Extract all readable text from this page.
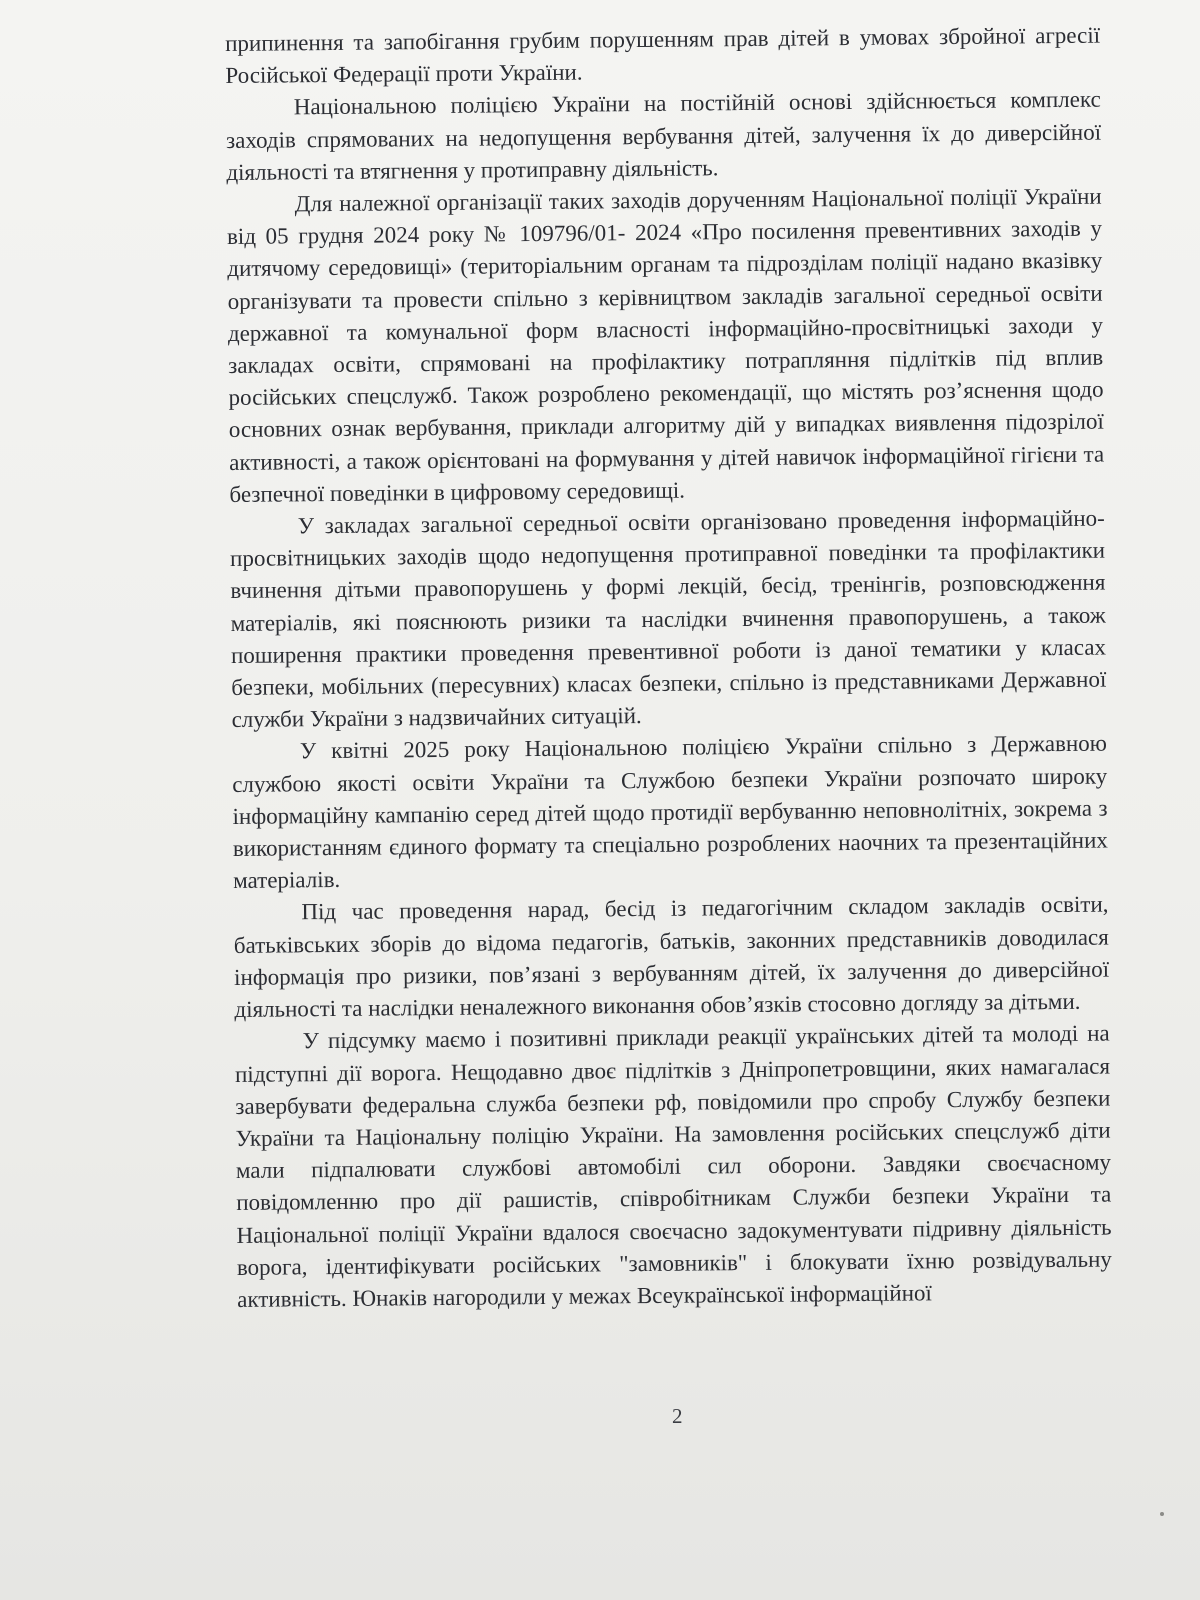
припинення та запобігання грубим порушенням прав дітей в умовах збройної агресії Російської Федерації проти України.

Національною поліцією України на постійній основі здійснюється комплекс заходів спрямованих на недопущення вербування дітей, залучення їх до диверсійної діяльності та втягнення у протиправну діяльність.

Для належної організації таких заходів дорученням Національної поліції України від 05 грудня 2024 року № 109796/01- 2024 «Про посилення превентивних заходів у дитячому середовищі» (територіальним органам та підрозділам поліції надано вказівку організувати та провести спільно з керівництвом закладів загальної середньої освіти державної та комунальної форм власності інформаційно-просвітницькі заходи у закладах освіти, спрямовані на профілактику потрапляння підлітків під вплив російських спецслужб. Також розроблено рекомендації, що містять роз’яснення щодо основних ознак вербування, приклади алгоритму дій у випадках виявлення підозрілої активності, а також орієнтовані на формування у дітей навичок інформаційної гігієни та безпечної поведінки в цифровому середовищі.

У закладах загальної середньої освіти організовано проведення інформаційно-просвітницьких заходів щодо недопущення протиправної поведінки та профілактики вчинення дітьми правопорушень у формі лекцій, бесід, тренінгів, розповсюдження матеріалів, які пояснюють ризики та наслідки вчинення правопорушень, а також поширення практики проведення превентивної роботи із даної тематики у класах безпеки, мобільних (пересувних) класах безпеки, спільно із представниками Державної служби України з надзвичайних ситуацій.

У квітні 2025 року Національною поліцією України спільно з Державною службою якості освіти України та Службою безпеки України розпочато широку інформаційну кампанію серед дітей щодо протидії вербуванню неповнолітніх, зокрема з використанням єдиного формату та спеціально розроблених наочних та презентаційних матеріалів.

Під час проведення нарад, бесід із педагогічним складом закладів освіти, батьківських зборів до відома педагогів, батьків, законних представників доводилася інформація про ризики, пов’язані з вербуванням дітей, їх залучення до диверсійної діяльності та наслідки неналежного виконання обов’язків стосовно догляду за дітьми.

У підсумку маємо і позитивні приклади реакції українських дітей та молоді на підступні дії ворога. Нещодавно двоє підлітків з Дніпропетровщини, яких намагалася завербувати федеральна служба безпеки рф, повідомили про спробу Службу безпеки України та Національну поліцію України. На замовлення російських спецслужб діти мали підпалювати службові автомобілі сил оборони. Завдяки своєчасному повідомленню про дії рашистів, співробітникам Служби безпеки України та Національної поліції України вдалося своєчасно задокументувати підривну діяльність ворога, ідентифікувати російських "замовників" і блокувати їхню розвідувальну активність. Юнаків нагородили у межах Всеукраїнської інформаційної

2
